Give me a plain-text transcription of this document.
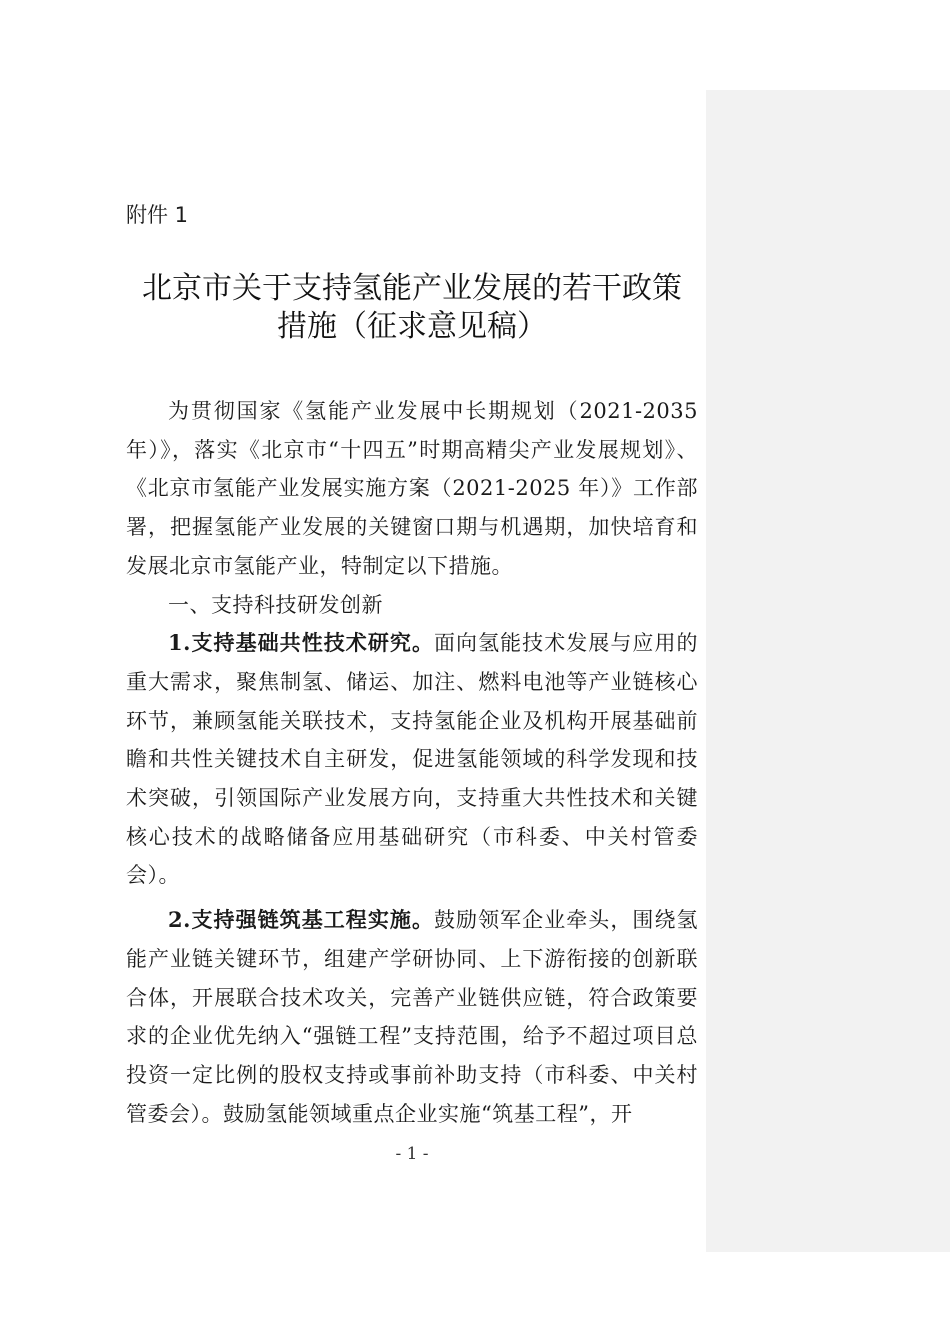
附件 1
北京市关于支持氢能产业发展的若干政策
措施（征求意见稿）

为贯彻国家《氢能产业发展中长期规划（2021-2035年）》，落实《北京市“十四五”时期高精尖产业发展规划》、《北京市氢能产业发展实施方案（2021-2025 年）》工作部署，把握氢能产业发展的关键窗口期与机遇期，加快培育和发展北京市氢能产业，特制定以下措施。

一、支持科技研发创新

1.支持基础共性技术研究。面向氢能技术发展与应用的重大需求，聚焦制氢、储运、加注、燃料电池等产业链核心环节，兼顾氢能关联技术，支持氢能企业及机构开展基础前瞻和共性关键技术自主研发，促进氢能领域的科学发现和技术突破，引领国际产业发展方向，支持重大共性技术和关键核心技术的战略储备应用基础研究（市科委、中关村管委会）。

2.支持强链筑基工程实施。鼓励领军企业牵头，围绕氢能产业链关键环节，组建产学研协同、上下游衔接的创新联合体，开展联合技术攻关，完善产业链供应链，符合政策要求的企业优先纳入“强链工程”支持范围，给予不超过项目总投资一定比例的股权支持或事前补助支持（市科委、中关村管委会）。鼓励氢能领域重点企业实施“筑基工程”，开

- 1 -
